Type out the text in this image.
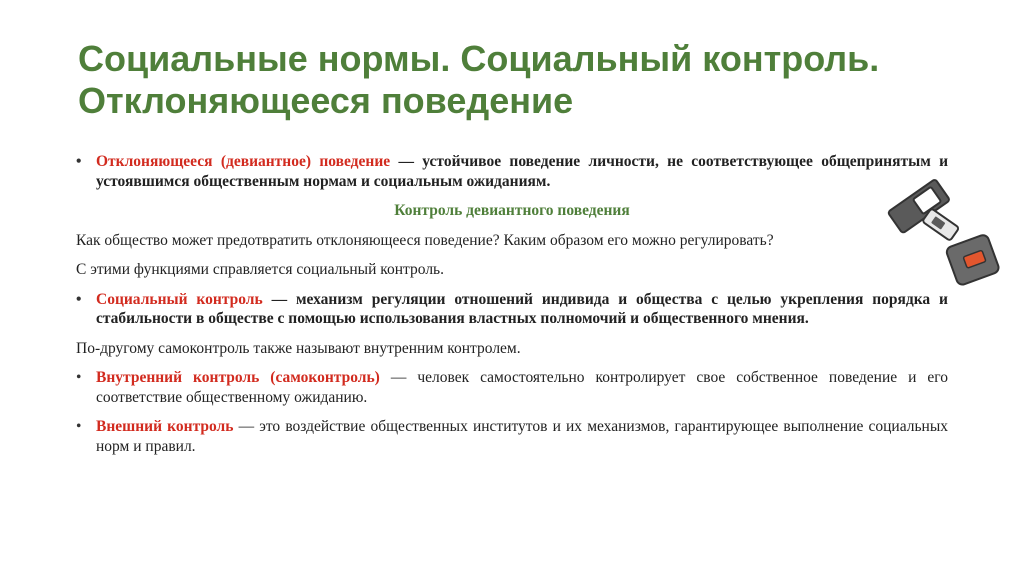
Социальные нормы. Социальный контроль. Отклоняющееся поведение

• Отклоняющееся (девиантное) поведение — устойчивое поведение личности, не соответствующее общепринятым и устоявшимся общественным нормам и социальным ожиданиям.

Контроль девиантного поведения

Как общество может предотвратить отклоняющееся поведение? Каким образом его можно регулировать?

С этими функциями справляется социальный контроль.

• Социальный контроль — механизм регуляции отношений индивида и общества с целью укрепления порядка и стабильности в обществе с помощью использования властных полномочий и общественного мнения.

По-другому самоконтроль также называют внутренним контролем.

• Внутренний контроль (самоконтроль) — человек самостоятельно контролирует свое собственное поведение и его соответствие общественному ожиданию.

• Внешний контроль — это воздействие общественных институтов и их механизмов, гарантирующее выполнение социальных норм и правил.
